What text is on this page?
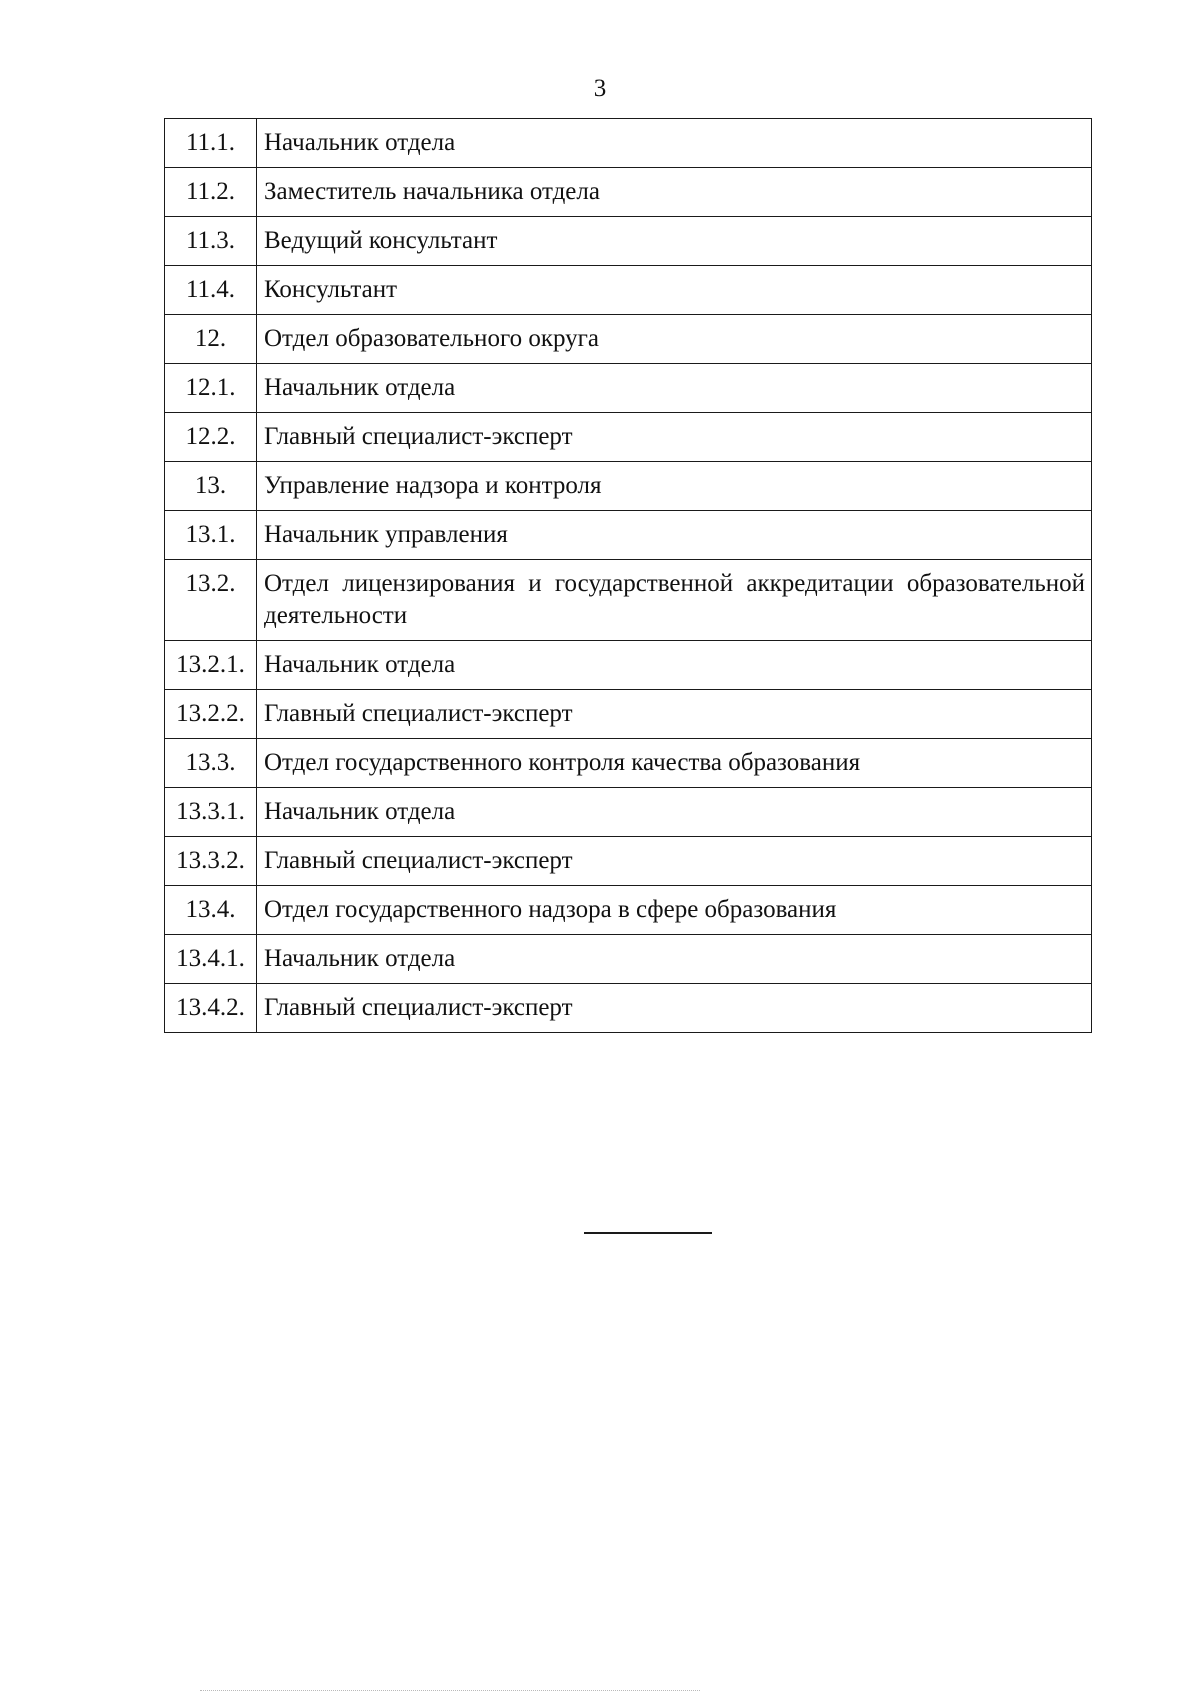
3
11.1.	Начальник отдела
11.2.	Заместитель начальника отдела
11.3.	Ведущий консультант
11.4.	Консультант
12.	Отдел образовательного округа
12.1.	Начальник отдела
12.2.	Главный специалист-эксперт
13.	Управление надзора и контроля
13.1.	Начальник управления
13.2.	Отдел лицензирования и государственной аккредитации образовательной деятельности
13.2.1.	Начальник отдела
13.2.2.	Главный специалист-эксперт
13.3.	Отдел государственного контроля качества образования
13.3.1.	Начальник отдела
13.3.2.	Главный специалист-эксперт
13.4.	Отдел государственного надзора в сфере образования
13.4.1.	Начальник отдела
13.4.2.	Главный специалист-эксперт
